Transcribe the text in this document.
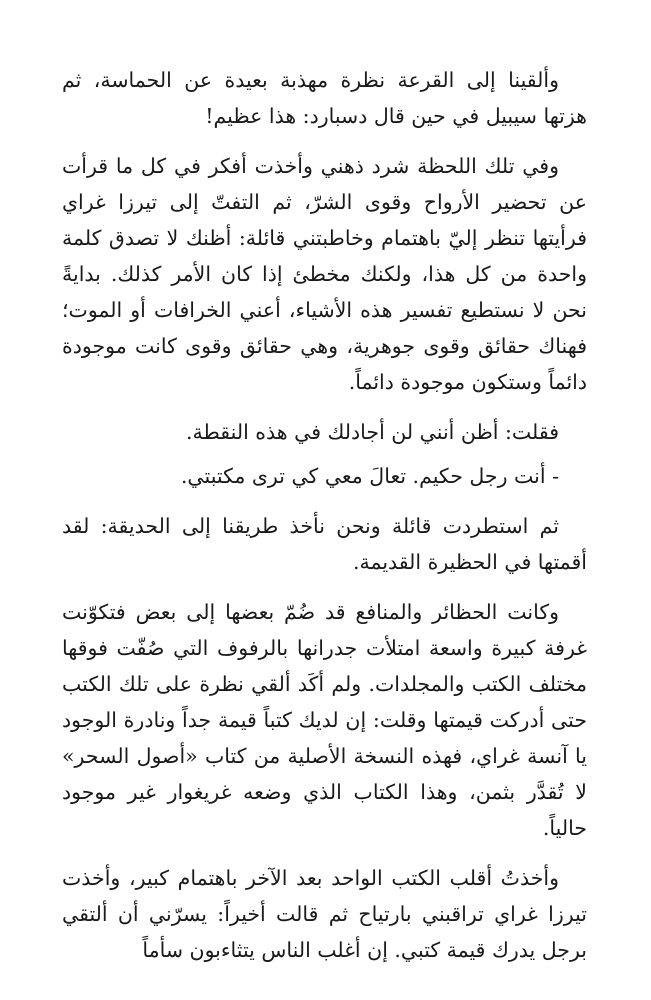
وألقينا إلى القرعة نظرة مهذبة بعيدة عن الحماسة، ثم هزتها سيبيل في حين قال دسبارد: هذا عظيم!

وفي تلك اللحظة شرد ذهني وأخذت أفكر في كل ما قرأت عن تحضير الأرواح وقوى الشرّ، ثم التفتّ إلى تيرزا غراي فرأيتها تنظر إليّ باهتمام وخاطبتني قائلة: أظنك لا تصدق كلمة واحدة من كل هذا، ولكنك مخطئ إذا كان الأمر كذلك. بدايةً نحن لا نستطيع تفسير هذه الأشياء، أعني الخرافات أو الموت؛ فهناك حقائق وقوى جوهرية، وهي حقائق وقوى كانت موجودة دائماً وستكون موجودة دائماً.

فقلت: أظن أنني لن أجادلك في هذه النقطة.

- أنت رجل حكيم. تعالَ معي كي ترى مكتبتي.

ثم استطردت قائلة ونحن نأخذ طريقنا إلى الحديقة: لقد أقمتها في الحظيرة القديمة.

وكانت الحظائر والمنافع قد ضُمّ بعضها إلى بعض فتكوّنت غرفة كبيرة واسعة امتلأت جدرانها بالرفوف التي صُفّت فوقها مختلف الكتب والمجلدات. ولم أكَد ألقي نظرة على تلك الكتب حتى أدركت قيمتها وقلت: إن لديك كتباً قيمة جداً ونادرة الوجود يا آنسة غراي، فهذه النسخة الأصلية من كتاب «أصول السحر» لا تُقدَّر بثمن، وهذا الكتاب الذي وضعه غريغوار غير موجود حالياً.

وأخذتُ أقلب الكتب الواحد بعد الآخر باهتمام كبير، وأخذت تيرزا غراي تراقبني بارتياح ثم قالت أخيراً: يسرّني أن ألتقي برجل يدرك قيمة كتبي. إن أغلب الناس يتثاءبون سأماً
